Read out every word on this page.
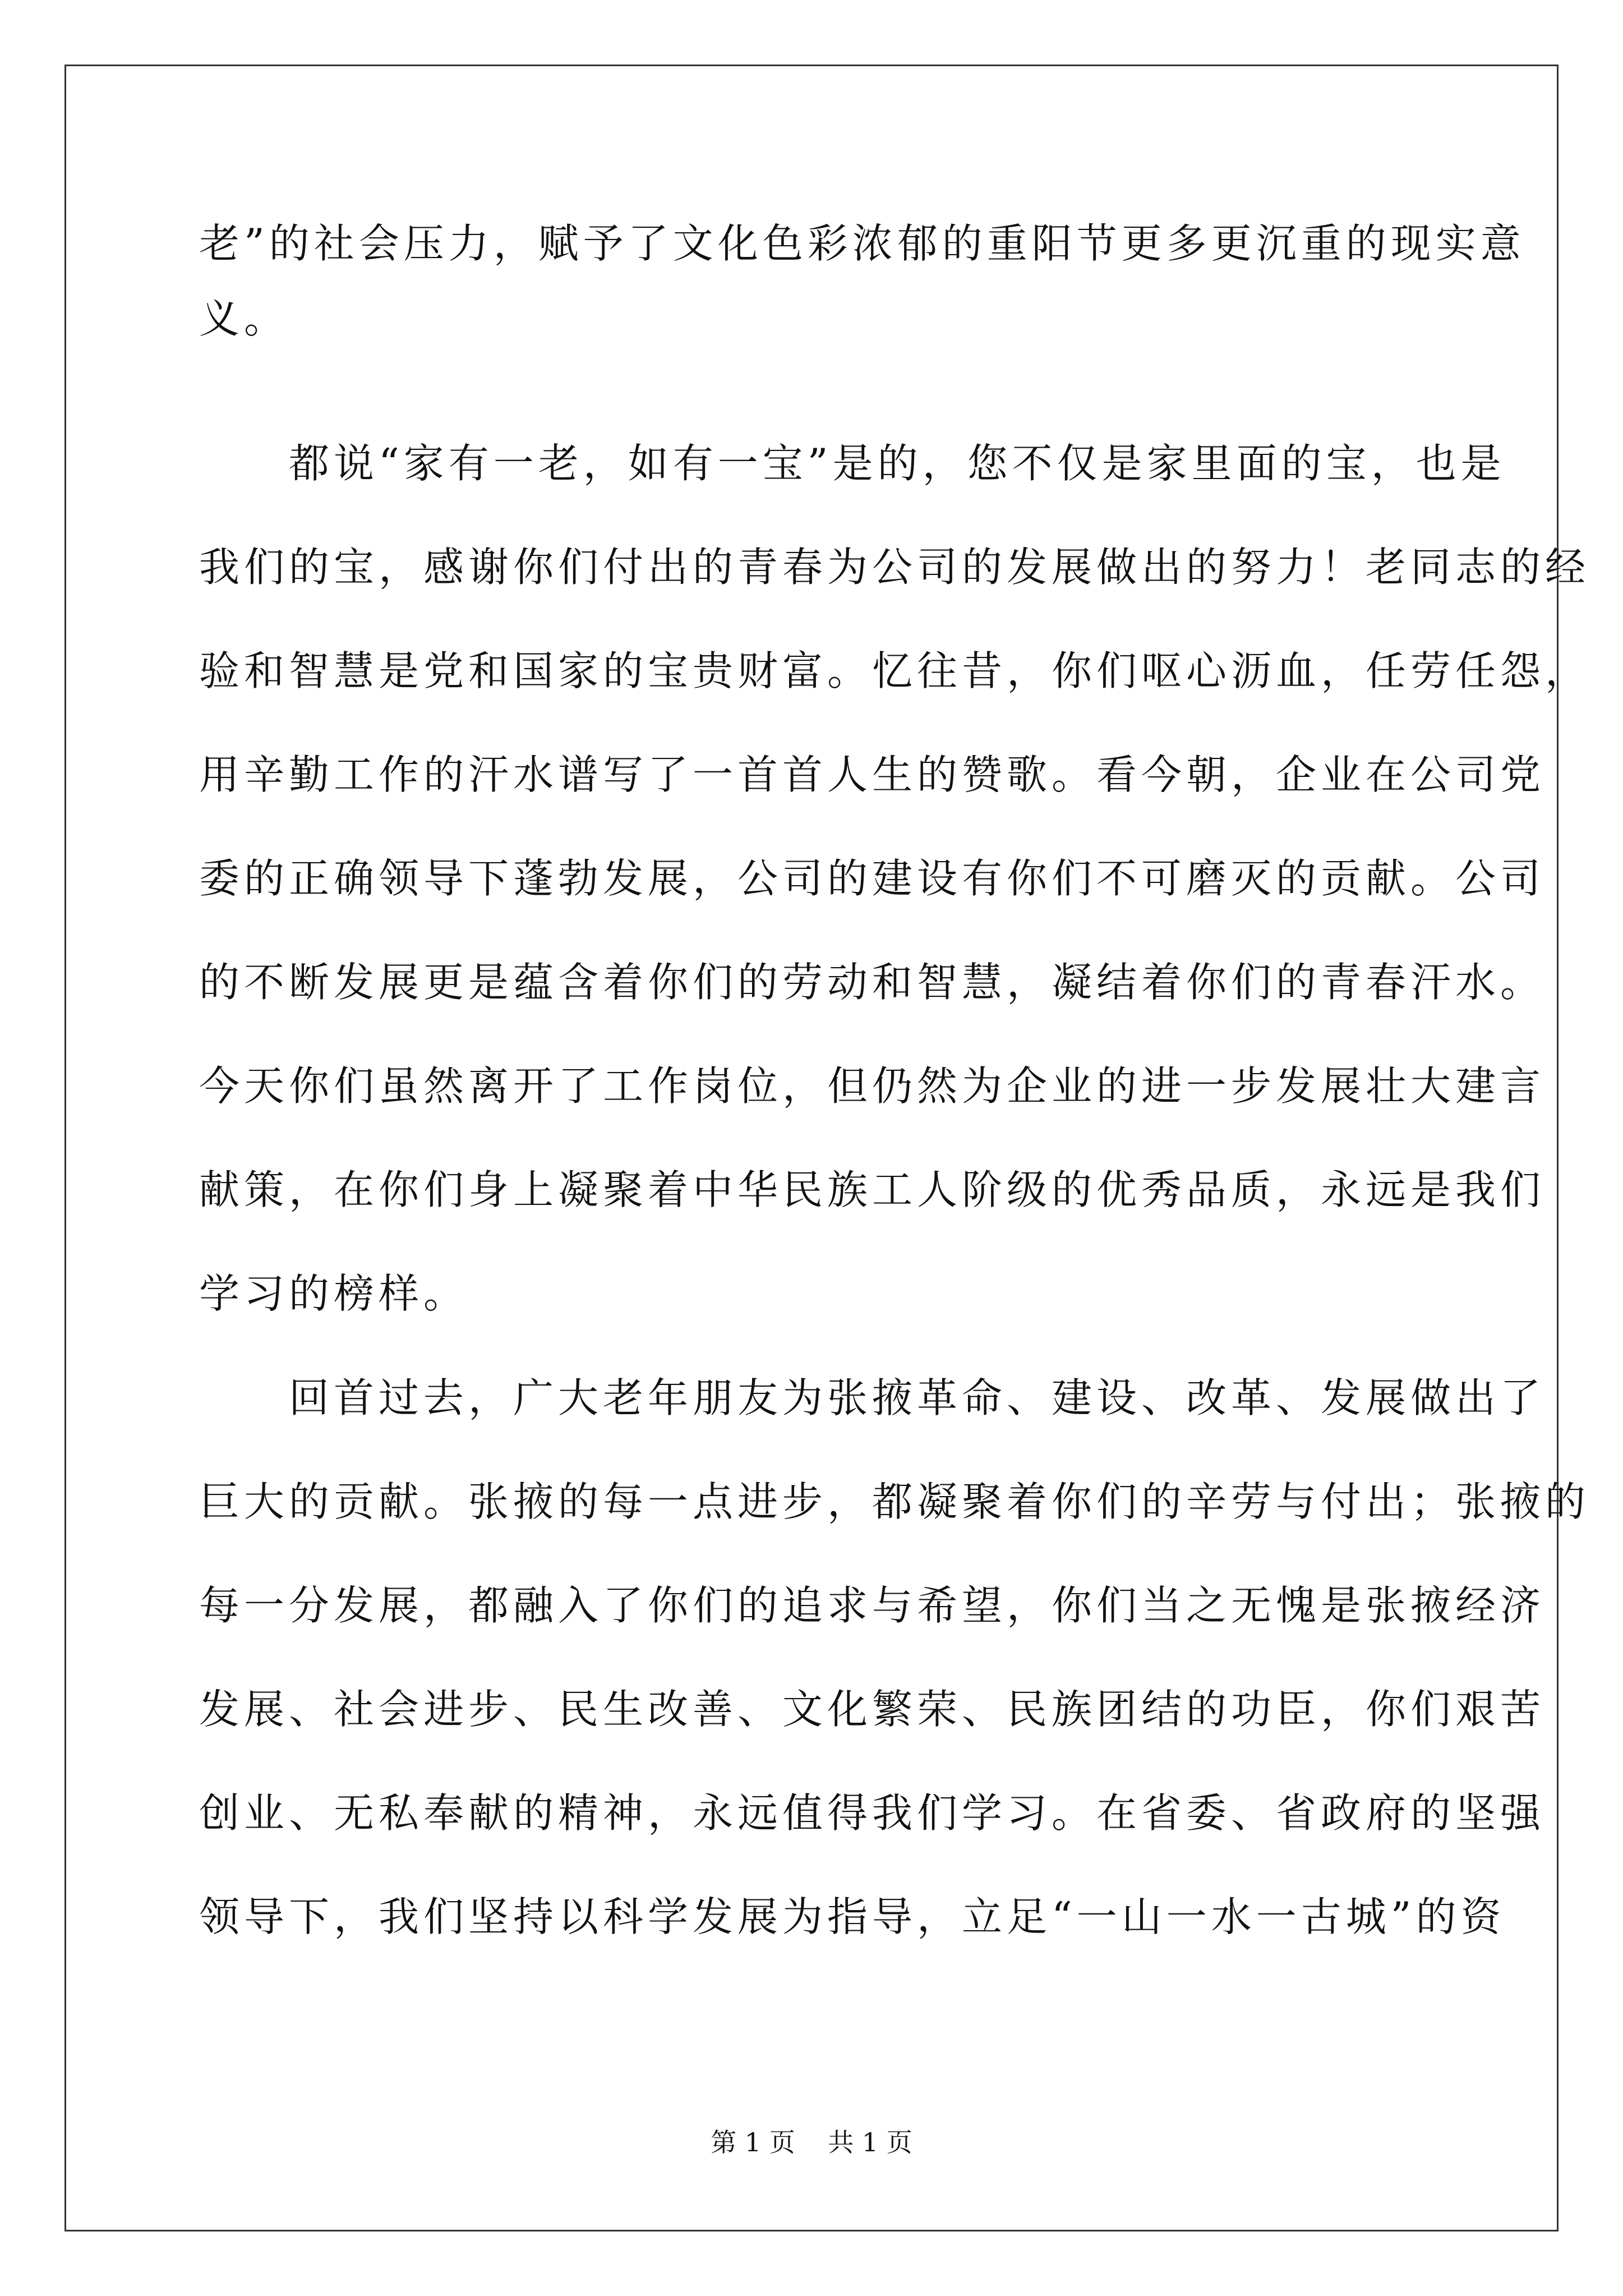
老”的社会压力，赋予了文化色彩浓郁的重阳节更多更沉重的现实意
义。
　　都说“家有一老，如有一宝”是的，您不仅是家里面的宝，也是
我们的宝，感谢你们付出的青春为公司的发展做出的努力！老同志的经
验和智慧是党和国家的宝贵财富。忆往昔，你们呕心沥血，任劳任怨，
用辛勤工作的汗水谱写了一首首人生的赞歌。看今朝，企业在公司党
委的正确领导下蓬勃发展，公司的建设有你们不可磨灭的贡献。公司
的不断发展更是蕴含着你们的劳动和智慧，凝结着你们的青春汗水。
今天你们虽然离开了工作岗位，但仍然为企业的进一步发展壮大建言
献策，在你们身上凝聚着中华民族工人阶级的优秀品质，永远是我们
学习的榜样。
　　回首过去，广大老年朋友为张掖革命、建设、改革、发展做出了
巨大的贡献。张掖的每一点进步，都凝聚着你们的辛劳与付出；张掖的
每一分发展，都融入了你们的追求与希望，你们当之无愧是张掖经济
发展、社会进步、民生改善、文化繁荣、民族团结的功臣，你们艰苦
创业、无私奉献的精神，永远值得我们学习。在省委、省政府的坚强
领导下，我们坚持以科学发展为指导，立足“一山一水一古城”的资
第 1 页    共 1 页
